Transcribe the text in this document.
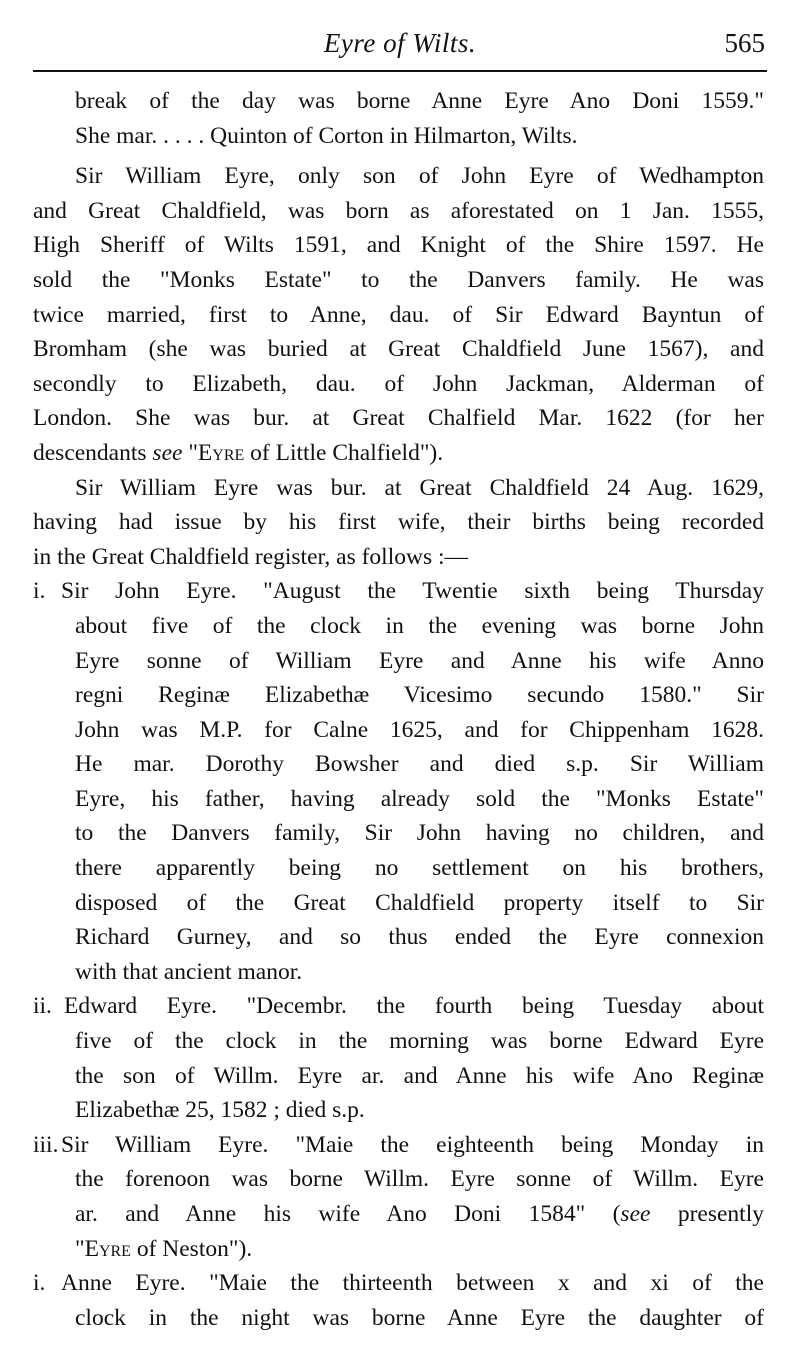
Eyre of Wilts.	565
break of the day was borne Anne Eyre Ano Doni 1559."
She mar. . . . . Quinton of Corton in Hilmarton, Wilts.
Sir William Eyre, only son of John Eyre of Wedhampton
and Great Chaldfield, was born as aforestated on 1 Jan. 1555,
High Sheriff of Wilts 1591, and Knight of the Shire 1597. He
sold the "Monks Estate" to the Danvers family. He was
twice married, first to Anne, dau. of Sir Edward Bayntun of
Bromham (she was buried at Great Chaldfield June 1567), and
secondly to Elizabeth, dau. of John Jackman, Alderman of
London. She was bur. at Great Chalfield Mar. 1622 (for her
descendants see "Eyre of Little Chalfield").
Sir William Eyre was bur. at Great Chaldfield 24 Aug. 1629,
having had issue by his first wife, their births being recorded
in the Great Chaldfield register, as follows :—
i. Sir John Eyre. "August the Twentie sixth being Thursday
about five of the clock in the evening was borne John
Eyre sonne of William Eyre and Anne his wife Anno
regni Reginæ Elizabethæ Vicesimo secundo 1580." Sir
John was M.P. for Calne 1625, and for Chippenham 1628.
He mar. Dorothy Bowsher and died s.p. Sir William
Eyre, his father, having already sold the "Monks Estate"
to the Danvers family, Sir John having no children, and
there apparently being no settlement on his brothers,
disposed of the Great Chaldfield property itself to Sir
Richard Gurney, and so thus ended the Eyre connexion
with that ancient manor.
ii. Edward Eyre. "Decembr. the fourth being Tuesday about
five of the clock in the morning was borne Edward Eyre
the son of Willm. Eyre ar. and Anne his wife Ano Reginæ
Elizabethæ 25, 1582 ; died s.p.
iii. Sir William Eyre. "Maie the eighteenth being Monday in
the forenoon was borne Willm. Eyre sonne of Willm. Eyre
ar. and Anne his wife Ano Doni 1584" (see presently
"Eyre of Neston").
i. Anne Eyre. "Maie the thirteenth between x and xi of the
clock in the night was borne Anne Eyre the daughter of
